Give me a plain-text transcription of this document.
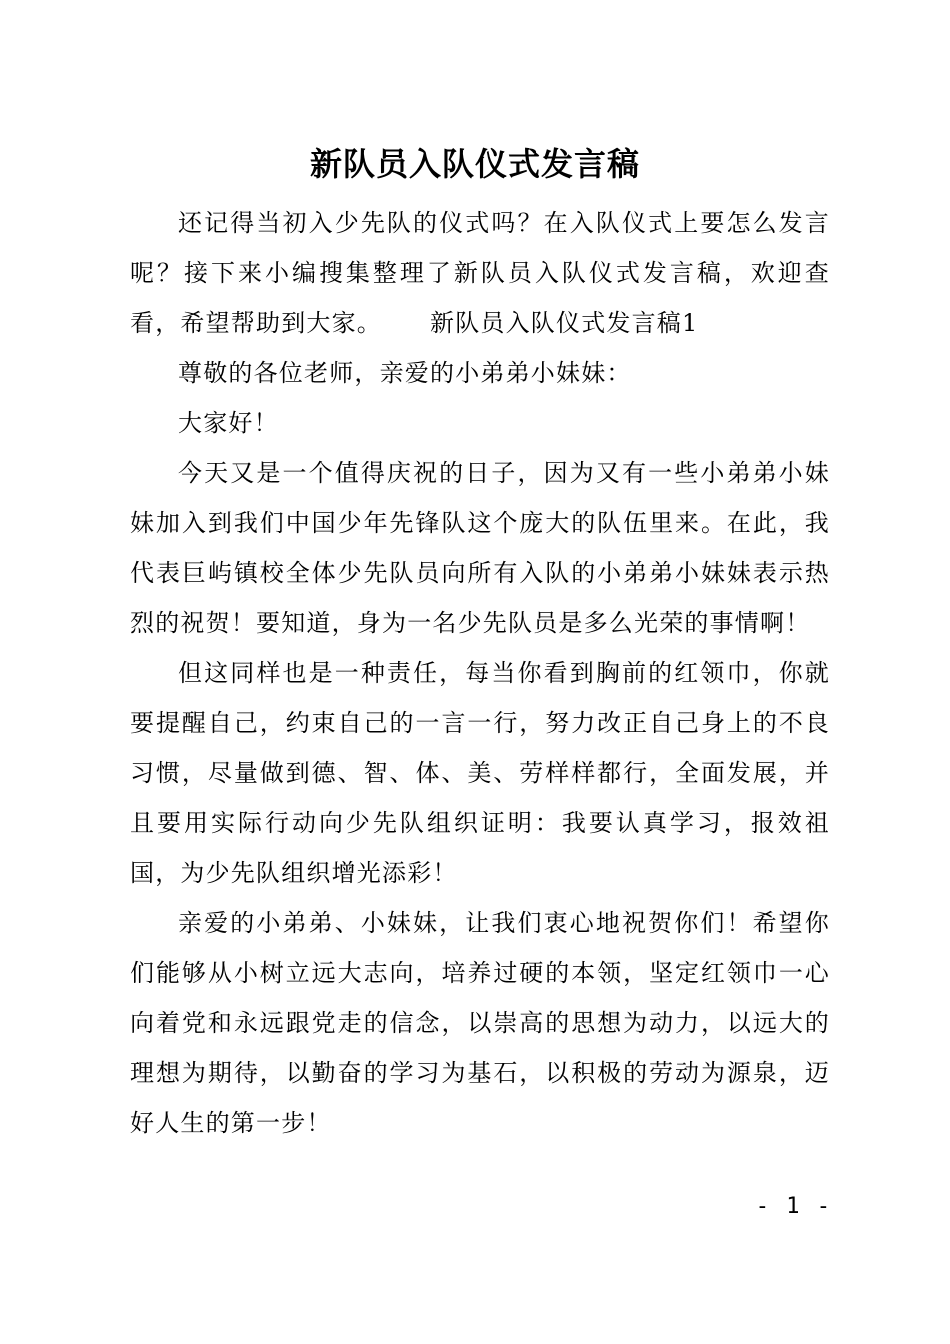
新队员入队仪式发言稿

还记得当初入少先队的仪式吗？在入队仪式上要怎么发言呢？接下来小编搜集整理了新队员入队仪式发言稿，欢迎查看，希望帮助到大家。 新队员入队仪式发言稿1

尊敬的各位老师，亲爱的小弟弟小妹妹：

大家好！

今天又是一个值得庆祝的日子，因为又有一些小弟弟小妹妹加入到我们中国少年先锋队这个庞大的队伍里来。在此，我代表巨屿镇校全体少先队员向所有入队的小弟弟小妹妹表示热烈的祝贺！要知道，身为一名少先队员是多么光荣的事情啊！

但这同样也是一种责任，每当你看到胸前的红领巾，你就要提醒自己，约束自己的一言一行，努力改正自己身上的不良习惯，尽量做到德、智、体、美、劳样样都行，全面发展，并且要用实际行动向少先队组织证明：我要认真学习，报效祖国，为少先队组织增光添彩！

亲爱的小弟弟、小妹妹，让我们衷心地祝贺你们！希望你们能够从小树立远大志向，培养过硬的本领，坚定红领巾一心向着党和永远跟党走的信念，以崇高的思想为动力，以远大的理想为期待，以勤奋的学习为基石，以积极的劳动为源泉，迈好人生的第一步！

- 1 -
